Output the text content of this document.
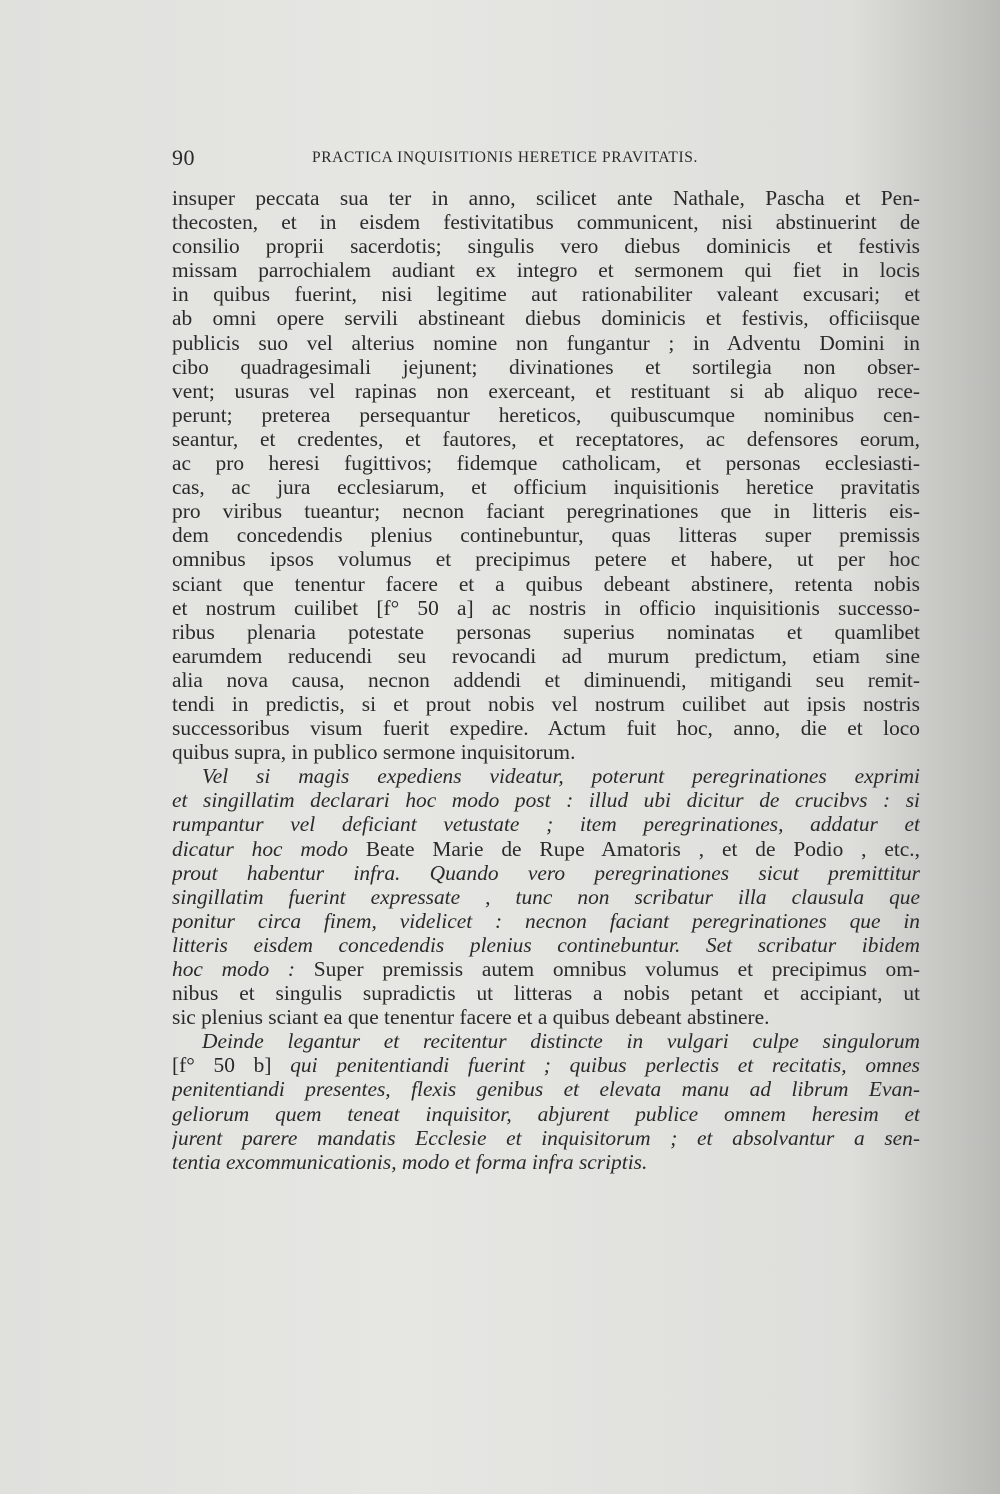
90	PRACTICA INQUISITIONIS HERETICE PRAVITATIS.
insuper peccata sua ter in anno, scilicet ante Nathale, Pascha et Pen-
thecosten, et in eisdem festivitatibus communicent, nisi abstinuerint de
consilio proprii sacerdotis; singulis vero diebus dominicis et festivis
missam parrochialem audiant ex integro et sermonem qui fiet in locis
in quibus fuerint, nisi legitime aut rationabiliter valeant excusari; et
ab omni opere servili abstineant diebus dominicis et festivis, officiisque
publicis suo vel alterius nomine non fungantur ; in Adventu Domini in
cibo quadragesimali jejunent; divinationes et sortilegia non obser-
vent; usuras vel rapinas non exerceant, et restituant si ab aliquo rece-
perunt; preterea persequantur hereticos, quibuscumque nominibus cen-
seantur, et credentes, et fautores, et receptatores, ac defensores eorum,
ac pro heresi fugittivos; fidemque catholicam, et personas ecclesiasti-
cas, ac jura ecclesiarum, et officium inquisitionis heretice pravitatis
pro viribus tueantur; necnon faciant peregrinationes que in litteris eis-
dem concedendis plenius continebuntur, quas litteras super premissis
omnibus ipsos volumus et precipimus petere et habere, ut per hoc
sciant que tenentur facere et a quibus debeant abstinere, retenta nobis
et nostrum cuilibet [f° 50 a] ac nostris in officio inquisitionis successo-
ribus plenaria potestate personas superius nominatas et quamlibet
earumdem reducendi seu revocandi ad murum predictum, etiam sine
alia nova causa, necnon addendi et diminuendi, mitigandi seu remit-
tendi in predictis, si et prout nobis vel nostrum cuilibet aut ipsis nostris
successoribus visum fuerit expedire. Actum fuit hoc, anno, die et loco
quibus supra, in publico sermone inquisitorum.
Vel si magis expediens videatur, poterunt peregrinationes exprimi
et singillatim declarari hoc modo post : illud ubi dicitur de crucibvs : si
rumpantur vel deficiant vetustate ; item peregrinationes, addatur et
dicatur hoc modo Beate Marie de Rupe Amatoris , et de Podio , etc.,
prout habentur infra. Quando vero peregrinationes sicut premittitur
singillatim fuerint expressate , tunc non scribatur illa clausula que
ponitur circa finem, videlicet : necnon faciant peregrinationes que in
litteris eisdem concedendis plenius continebuntur. Set scribatur ibidem
hoc modo : Super premissis autem omnibus volumus et precipimus om-
nibus et singulis supradictis ut litteras a nobis petant et accipiant, ut
sic plenius sciant ea que tenentur facere et a quibus debeant abstinere.
Deinde legantur et recitentur distincte in vulgari culpe singulorum
[f° 50 b] qui penitentiandi fuerint ; quibus perlectis et recitatis, omnes
penitentiandi presentes, flexis genibus et elevata manu ad librum Evan-
geliorum quem teneat inquisitor, abjurent publice omnem heresim et
jurent parere mandatis Ecclesie et inquisitorum ; et absolvantur a sen-
tentia excommunicationis, modo et forma infra scriptis.
